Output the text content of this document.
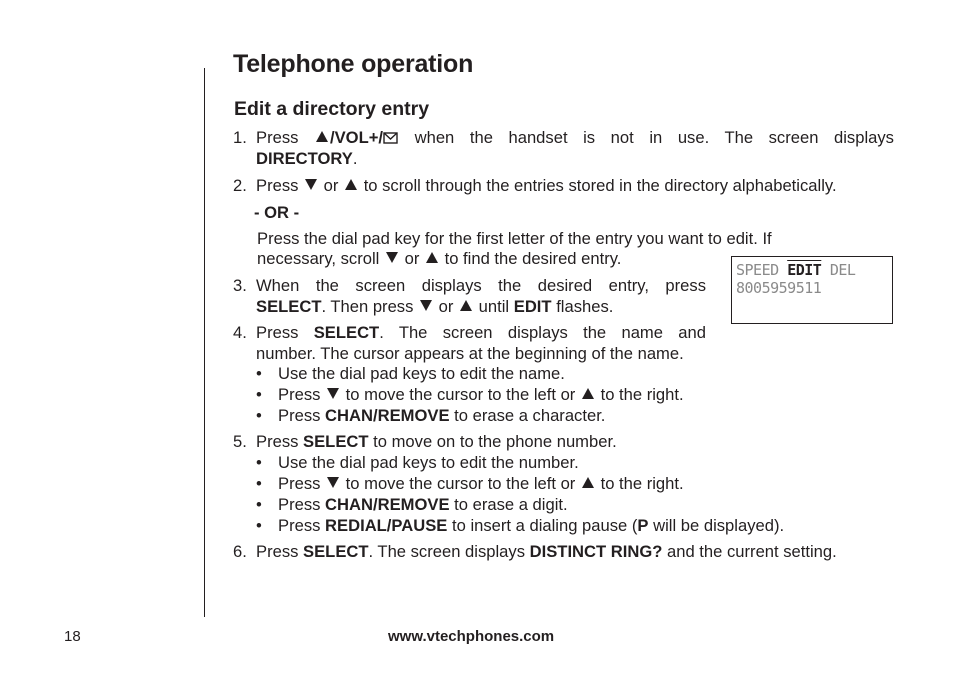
Telephone operation
Edit a directory entry
1. Press /VOL+/ when the handset is not in use. The screen displays
DIRECTORY.
2. Press or to scroll through the entries stored in the directory alphabetically.
- OR -
Press the dial pad key for the first letter of the entry you want to edit. If
necessary, scroll or to find the desired entry.
3. When the screen displays the desired entry, press
SELECT. Then press or until EDIT flashes.
SPEED EDIT DEL
8005959511
4. Press SELECT. The screen displays the name and
number. The cursor appears at the beginning of the name.
• Use the dial pad keys to edit the name.
• Press to move the cursor to the left or to the right.
• Press CHAN/REMOVE to erase a character.
5. Press SELECT to move on to the phone number.
• Use the dial pad keys to edit the number.
• Press to move the cursor to the left or to the right.
• Press CHAN/REMOVE to erase a digit.
• Press REDIAL/PAUSE to insert a dialing pause (P will be displayed).
6. Press SELECT. The screen displays DISTINCT RING? and the current setting.
18	www.vtechphones.com
